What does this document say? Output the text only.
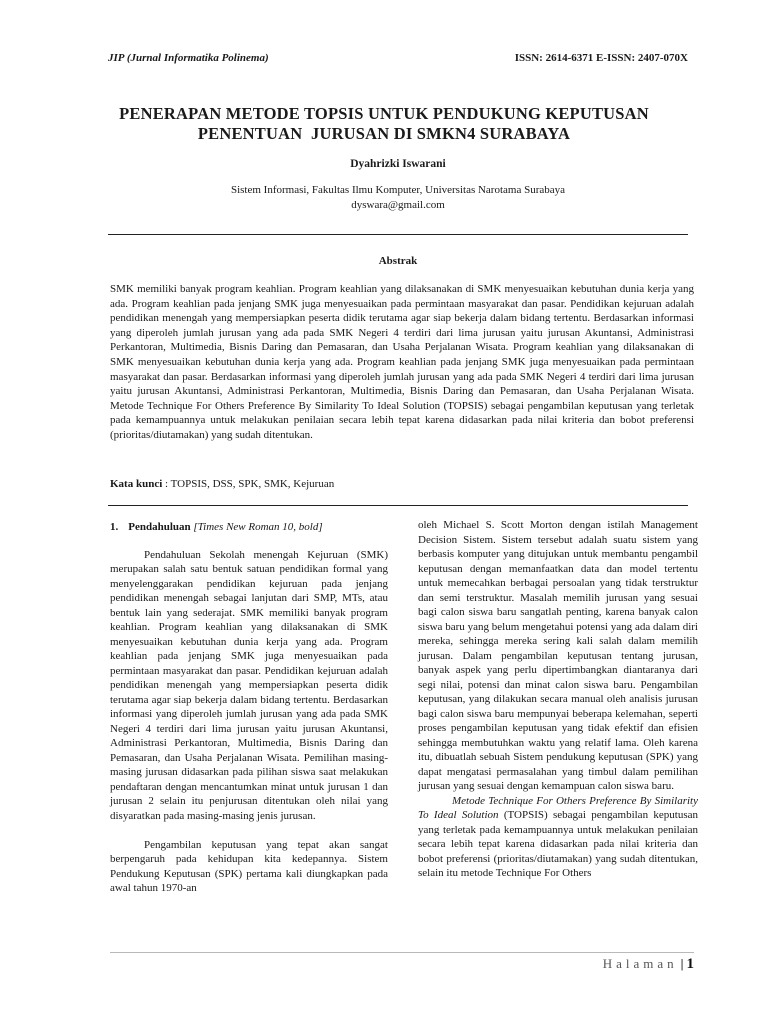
JIP (Jurnal Informatika Polinema)	ISSN: 2614-6371 E-ISSN: 2407-070X
PENERAPAN METODE TOPSIS UNTUK PENDUKUNG KEPUTUSAN
PENENTUAN  JURUSAN DI SMKN4 SURABAYA
Dyahrizki Iswarani
Sistem Informasi, Fakultas Ilmu Komputer, Universitas Narotama Surabaya
dyswara@gmail.com
Abstrak
SMK memiliki banyak program keahlian. Program keahlian yang dilaksanakan di SMK menyesuaikan kebutuhan dunia kerja yang ada. Program keahlian pada jenjang SMK juga menyesuaikan pada permintaan masyarakat dan pasar. Pendidikan kejuruan adalah pendidikan menengah yang mempersiapkan peserta didik terutama agar siap bekerja dalam bidang tertentu. Berdasarkan informasi yang diperoleh jumlah jurusan yang ada pada SMK Negeri 4 terdiri dari lima jurusan yaitu jurusan Akuntansi, Administrasi Perkantoran, Multimedia, Bisnis Daring dan Pemasaran, dan Usaha Perjalanan Wisata. Program keahlian yang dilaksanakan di SMK menyesuaikan kebutuhan dunia kerja yang ada. Program keahlian pada jenjang SMK juga menyesuaikan pada permintaan masyarakat dan pasar. Berdasarkan informasi yang diperoleh jumlah jurusan yang ada pada SMK Negeri 4 terdiri dari lima jurusan yaitu jurusan Akuntansi, Administrasi Perkantoran, Multimedia, Bisnis Daring dan Pemasaran, dan Usaha Perjalanan Wisata. Metode Technique For Others Preference By Similarity To Ideal Solution (TOPSIS) sebagai pengambilan keputusan yang terletak pada kemampuannya untuk melakukan penilaian secara lebih tepat karena didasarkan pada nilai kriteria dan bobot preferensi (prioritas/diutamakan) yang sudah ditentukan.
Kata kunci : TOPSIS, DSS, SPK, SMK, Kejuruan
1. Pendahuluan [Times New Roman 10, bold]

Pendahuluan Sekolah menengah Kejuruan (SMK) merupakan salah satu bentuk satuan pendidikan formal yang menyelenggarakan pendidikan kejuruan pada jenjang pendidikan menengah sebagai lanjutan dari SMP, MTs, atau bentuk lain yang sederajat. SMK memiliki banyak program keahlian. Program keahlian yang dilaksanakan di SMK menyesuaikan kebutuhan dunia kerja yang ada. Program keahlian pada jenjang SMK juga menyesuaikan pada permintaan masyarakat dan pasar. Pendidikan kejuruan adalah pendidikan menengah yang mempersiapkan peserta didik terutama agar siap bekerja dalam bidang tertentu. Berdasarkan informasi yang diperoleh jumlah jurusan yang ada pada SMK Negeri 4 terdiri dari lima jurusan yaitu jurusan Akuntansi, Administrasi Perkantoran, Multimedia, Bisnis Daring dan Pemasaran, dan Usaha Perjalanan Wisata. Pemilihan masing-masing jurusan didasarkan pada pilihan siswa saat melakukan pendaftaran dengan mencantumkan minat untuk jurusan 1 dan jurusan 2 selain itu penjurusan ditentukan oleh nilai yang disyaratkan pada masing-masing jenis jurusan.

Pengambilan keputusan yang tepat akan sangat berpengaruh pada kehidupan kita kedepannya. Sistem Pendukung Keputusan (SPK) pertama kali diungkapkan pada awal tahun 1970-an

oleh Michael S. Scott Morton dengan istilah Management Decision Sistem. Sistem tersebut adalah suatu sistem yang berbasis komputer yang ditujukan untuk membantu pengambil keputusan dengan memanfaatkan data dan model tertentu untuk memecahkan berbagai persoalan yang tidak terstruktur dan semi terstruktur. Masalah memilih jurusan yang sesuai bagi calon siswa baru sangatlah penting, karena banyak calon siswa baru yang belum mengetahui potensi yang ada dalam diri mereka, sehingga mereka sering kali salah dalam memilih jurusan. Dalam pengambilan keputusan tentang jurusan, banyak aspek yang perlu dipertimbangkan diantaranya dari segi nilai, potensi dan minat calon siswa baru. Pengambilan keputusan, yang dilakukan secara manual oleh analisis jurusan bagi calon siswa baru mempunyai beberapa kelemahan, seperti proses pengambilan keputusan yang tidak efektif dan efisien sehingga membutuhkan waktu yang relatif lama. Oleh karena itu, dibuatlah sebuah Sistem pendukung keputusan (SPK) yang dapat mengatasi permasalahan yang timbul dalam pemilihan jurusan yang sesuai dengan kemampuan calon siswa baru.

Metode Technique For Others Preference By Similarity To Ideal Solution (TOPSIS) sebagai pengambilan keputusan yang terletak pada kemampuannya untuk melakukan penilaian secara lebih tepat karena didasarkan pada nilai kriteria dan bobot preferensi (prioritas/diutamakan) yang sudah ditentukan, selain itu metode Technique For Others

Halaman | 1
